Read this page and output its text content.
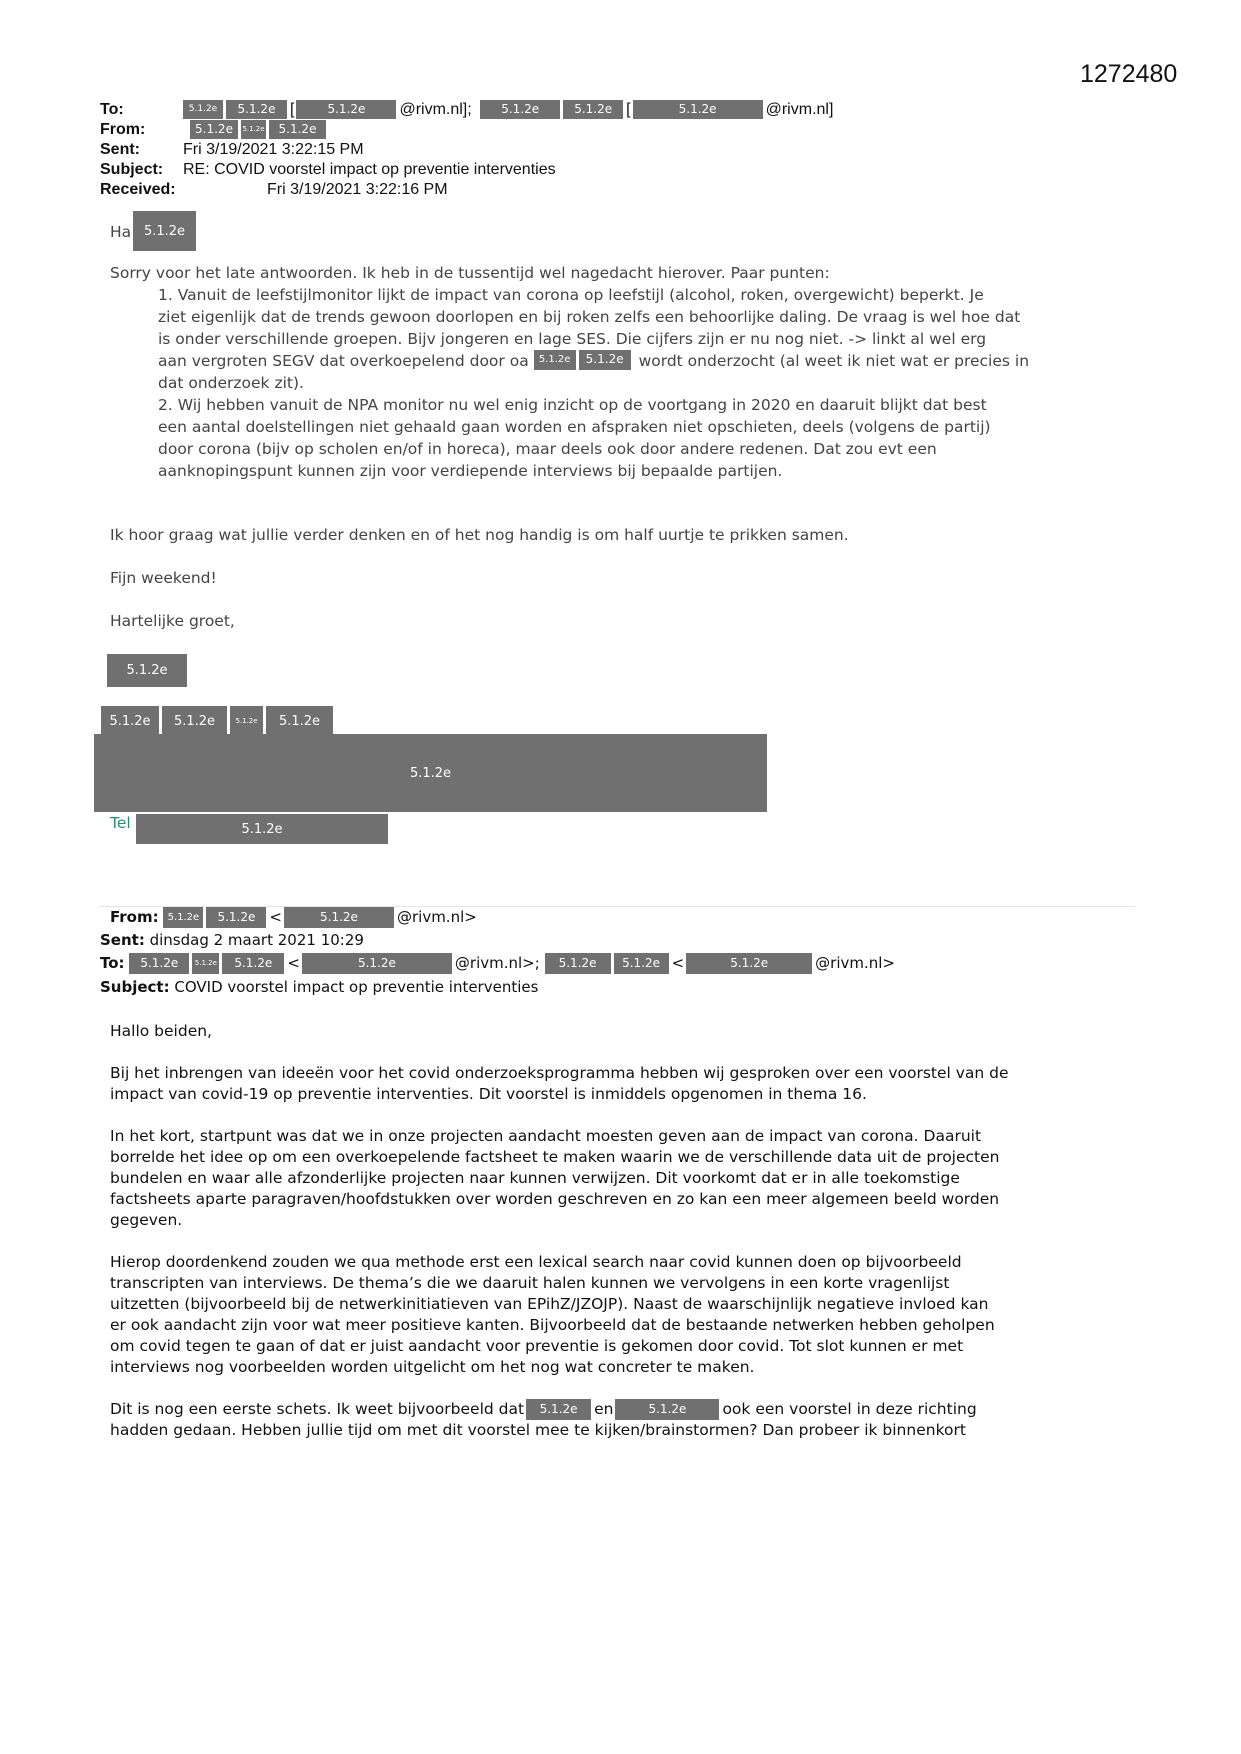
1272480
To:	5.1.2e 5.1.2e [	5.1.2e @rivm.nl]; 5.1.2e	5.1.2e [	5.1.2e	@rivm.nl]
From:	5.1.2e 5.1.2e 5.1.2e
Sent:	Fri 3/19/2021 3:22:15 PM
Subject: RE: COVID voorstel impact op preventie interventies
Received:	Fri 3/19/2021 3:22:16 PM
Ha 5.1.2e
Sorry voor het late antwoorden. Ik heb in de tussentijd wel nagedacht hierover. Paar punten:
1. Vanuit de leefstijlmonitor lijkt de impact van corona op leefstijl (alcohol, roken, overgewicht) beperkt. Je
ziet eigenlijk dat de trends gewoon doorlopen en bij roken zelfs een behoorlijke daling. De vraag is wel hoe dat
is onder verschillende groepen. Bijv jongeren en lage SES. Die cijfers zijn er nu nog niet. -> linkt al wel erg
aan vergroten SEGV dat overkoepelend door oa 5.1.2e 5.1.2e wordt onderzocht (al weet ik niet wat er precies in
dat onderzoek zit).
2. Wij hebben vanuit de NPA monitor nu wel enig inzicht op de voortgang in 2020 en daaruit blijkt dat best
een aantal doelstellingen niet gehaald gaan worden en afspraken niet opschieten, deels (volgens de partij)
door corona (bijv op scholen en/of in horeca), maar deels ook door andere redenen. Dat zou evt een
aanknopingspunt kunnen zijn voor verdiepende interviews bij bepaalde partijen.
Ik hoor graag wat jullie verder denken en of het nog handig is om half uurtje te prikken samen.
Fijn weekend!
Hartelijke groet,
5.1.2e
5.1.2e	5.1.2e	5.1.2e	5.1.2e
5.1.2e
Tel	5.1.2e
From: 5.1.2e 5.1.2e <	5.1.2e	@rivm.nl>
Sent: dinsdag 2 maart 2021 10:29
To: 5.1.2e 5.1.2e 5.1.2e <	5.1.2e	@rivm.nl>; 5.1.2e 5.1.2e <	5.1.2e	@rivm.nl>
Subject: COVID voorstel impact op preventie interventies
Hallo beiden,
Bij het inbrengen van ideeën voor het covid onderzoeksprogramma hebben wij gesproken over een voorstel van de
impact van covid-19 op preventie interventies. Dit voorstel is inmiddels opgenomen in thema 16.
In het kort, startpunt was dat we in onze projecten aandacht moesten geven aan de impact van corona. Daaruit
borrelde het idee op om een overkoepelende factsheet te maken waarin we de verschillende data uit de projecten
bundelen en waar alle afzonderlijke projecten naar kunnen verwijzen. Dit voorkomt dat er in alle toekomstige
factsheets aparte paragraven/hoofdstukken over worden geschreven en zo kan een meer algemeen beeld worden
gegeven.
Hierop doordenkend zouden we qua methode erst een lexical search naar covid kunnen doen op bijvoorbeeld
transcripten van interviews. De thema’s die we daaruit halen kunnen we vervolgens in een korte vragenlijst
uitzetten (bijvoorbeeld bij de netwerkinitiatieven van EPihZ/JZOJP). Naast de waarschijnlijk negatieve invloed kan
er ook aandacht zijn voor wat meer positieve kanten. Bijvoorbeeld dat de bestaande netwerken hebben geholpen
om covid tegen te gaan of dat er juist aandacht voor preventie is gekomen door covid. Tot slot kunnen er met
interviews nog voorbeelden worden uitgelicht om het nog wat concreter te maken.
Dit is nog een eerste schets. Ik weet bijvoorbeeld dat 5.1.2e en	5.1.2e ook een voorstel in deze richting
hadden gedaan. Hebben jullie tijd om met dit voorstel mee te kijken/brainstormen? Dan probeer ik binnenkort
